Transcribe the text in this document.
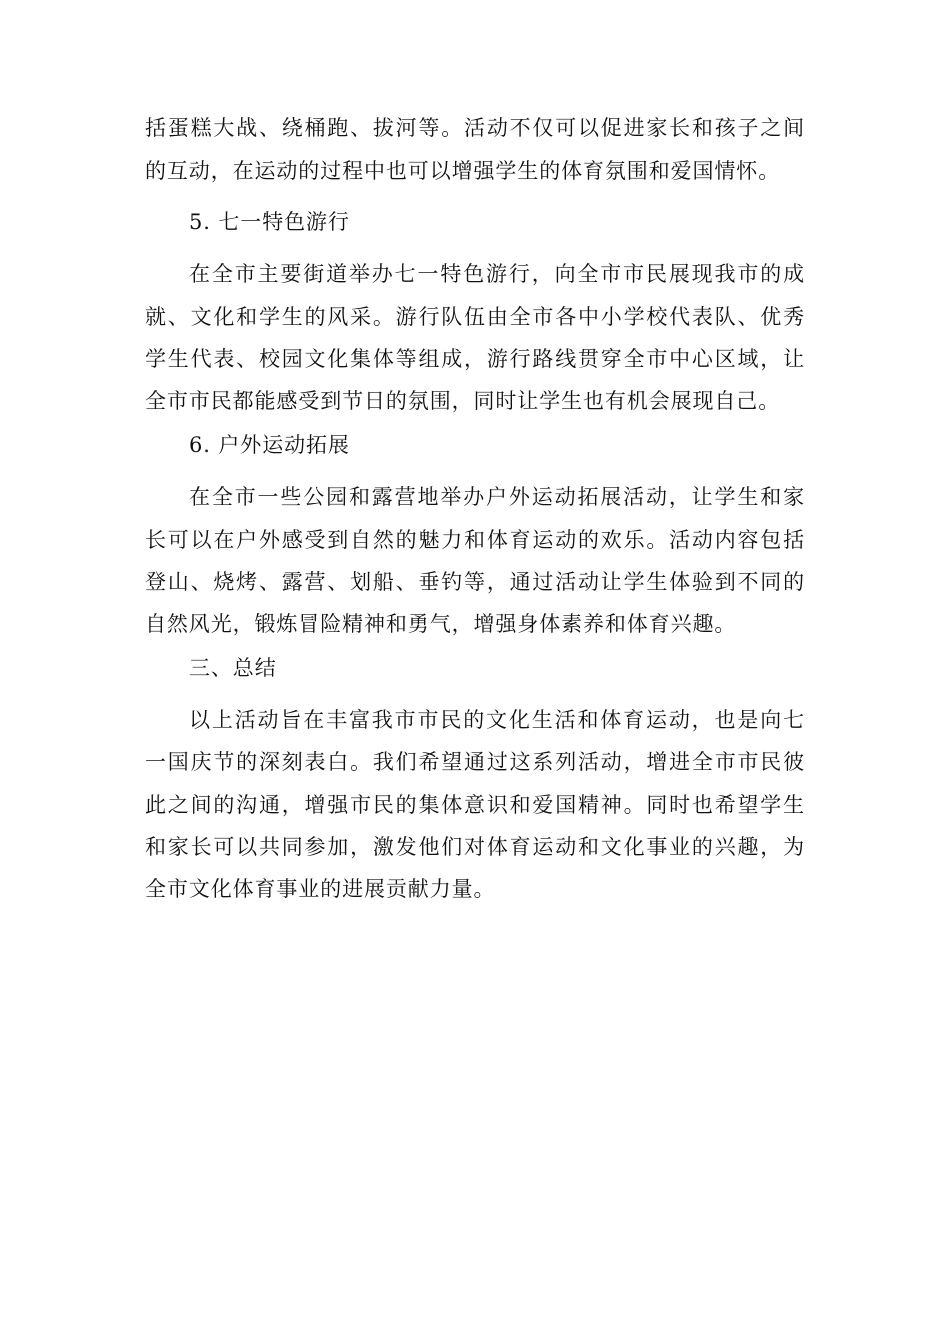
括蛋糕大战、绕桶跑、拔河等。活动不仅可以促进家长和孩子之间
的互动，在运动的过程中也可以增强学生的体育氛围和爱国情怀。
5. 七一特色游行
在全市主要街道举办七一特色游行，向全市市民展现我市的成
就、文化和学生的风采。游行队伍由全市各中小学校代表队、优秀
学生代表、校园文化集体等组成，游行路线贯穿全市中心区域，让
全市市民都能感受到节日的氛围，同时让学生也有机会展现自己。
6. 户外运动拓展
在全市一些公园和露营地举办户外运动拓展活动，让学生和家
长可以在户外感受到自然的魅力和体育运动的欢乐。活动内容包括
登山、烧烤、露营、划船、垂钓等，通过活动让学生体验到不同的
自然风光，锻炼冒险精神和勇气，增强身体素养和体育兴趣。
三、总结
以上活动旨在丰富我市市民的文化生活和体育运动，也是向七
一国庆节的深刻表白。我们希望通过这系列活动，增进全市市民彼
此之间的沟通，增强市民的集体意识和爱国精神。同时也希望学生
和家长可以共同参加，激发他们对体育运动和文化事业的兴趣，为
全市文化体育事业的进展贡献力量。
